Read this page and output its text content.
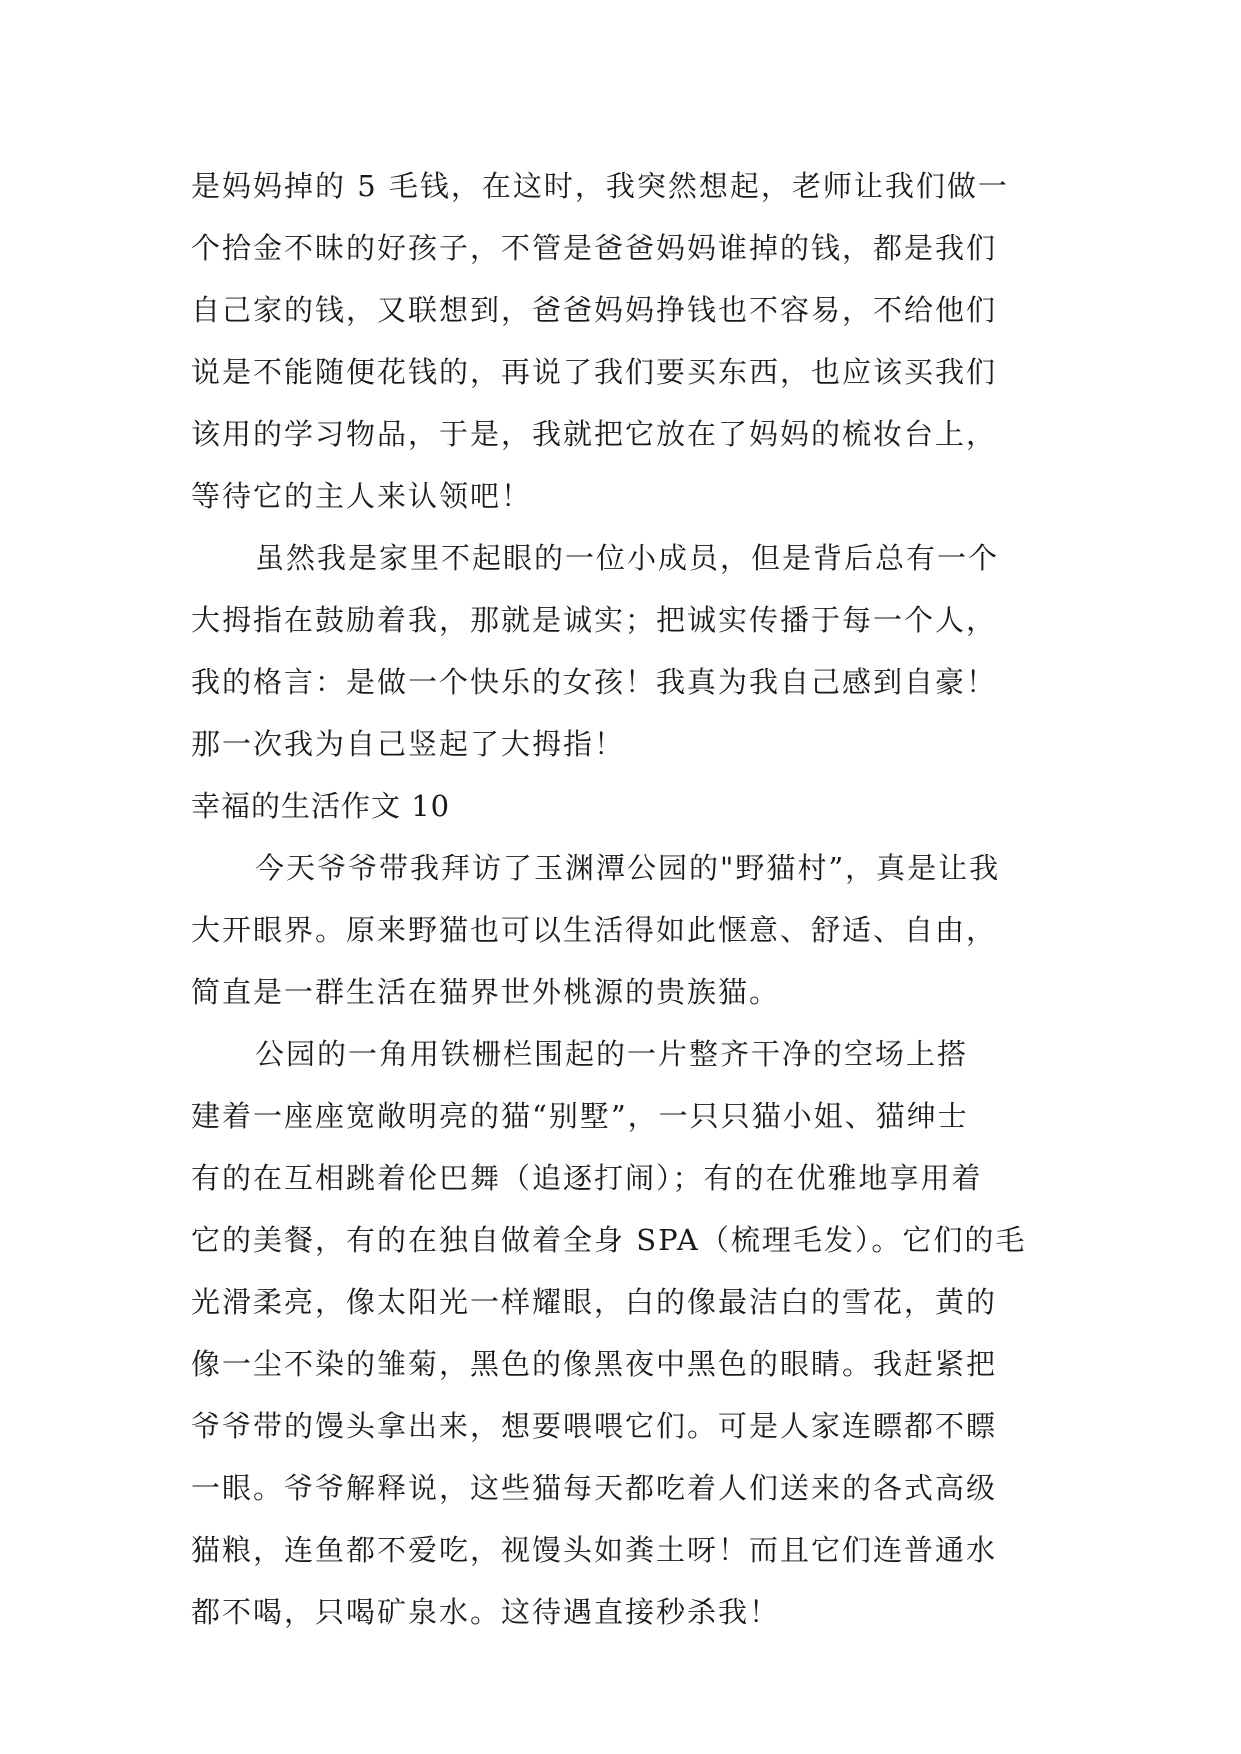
是妈妈掉的 5 毛钱，在这时，我突然想起，老师让我们做一
个拾金不昧的好孩子，不管是爸爸妈妈谁掉的钱，都是我们
自己家的钱，又联想到，爸爸妈妈挣钱也不容易，不给他们
说是不能随便花钱的，再说了我们要买东西，也应该买我们
该用的学习物品，于是，我就把它放在了妈妈的梳妆台上，
等待它的主人来认领吧！
虽然我是家里不起眼的一位小成员，但是背后总有一个
大拇指在鼓励着我，那就是诚实；把诚实传播于每一个人，
我的格言：是做一个快乐的女孩！我真为我自己感到自豪！
那一次我为自己竖起了大拇指！
幸福的生活作文 10
今天爷爷带我拜访了玉渊潭公园的"野猫村”，真是让我
大开眼界。原来野猫也可以生活得如此惬意、舒适、自由，
简直是一群生活在猫界世外桃源的贵族猫。
公园的一角用铁栅栏围起的一片整齐干净的空场上搭
建着一座座宽敞明亮的猫“别墅”，一只只猫小姐、猫绅士
有的在互相跳着伦巴舞（追逐打闹）；有的在优雅地享用着
它的美餐，有的在独自做着全身 SPA（梳理毛发）。它们的毛
光滑柔亮，像太阳光一样耀眼，白的像最洁白的雪花，黄的
像一尘不染的雏菊，黑色的像黑夜中黑色的眼睛。我赶紧把
爷爷带的馒头拿出来，想要喂喂它们。可是人家连瞟都不瞟
一眼。爷爷解释说，这些猫每天都吃着人们送来的各式高级
猫粮，连鱼都不爱吃，视馒头如粪土呀！而且它们连普通水
都不喝，只喝矿泉水。这待遇直接秒杀我！
